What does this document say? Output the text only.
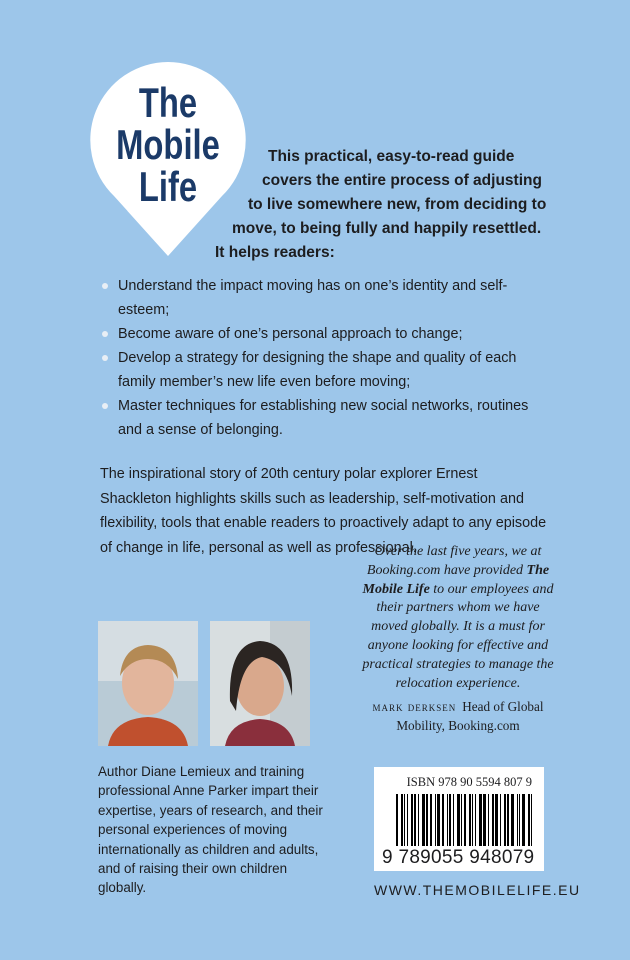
The
Mobile
Life
This practical, easy-to-read guide
covers the entire process of adjusting
to live somewhere new, from deciding to
move, to being fully and happily resettled.
It helps readers:
Understand the impact moving has on one’s identity and self-esteem;
Become aware of one’s personal approach to change;
Develop a strategy for designing the shape and quality of each family member’s new life even before moving;
Master techniques for establishing new social networks, routines and a sense of belonging.
The inspirational story of 20th century polar explorer Ernest Shackleton highlights skills such as leadership, self-motivation and flexibility, tools that enable readers to proactively adapt to any episode of change in life, personal as well as professional.
Over the last five years, we at Booking.com have provided The Mobile Life to our employees and their partners whom we have moved globally. It is a must for anyone looking for effective and practical strategies to manage the relocation experience.
mark derksen Head of Global Mobility, Booking.com
Author Diane Lemieux and training professional Anne Parker impart their expertise, years of research, and their personal experiences of moving internationally as children and adults, and of raising their own children globally.
ISBN 978 90 5594 807 9
9 789055 948079
WWW.THEMOBILELIFE.EU
